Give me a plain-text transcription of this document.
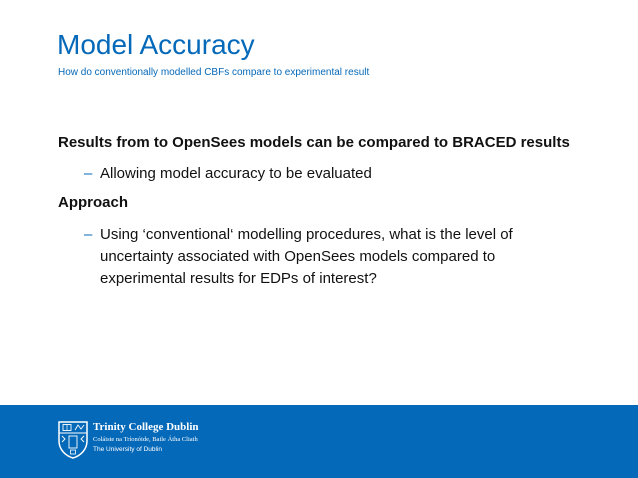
Model Accuracy
How do conventionally modelled CBFs compare to experimental result
Results from to OpenSees models can be compared to BRACED results
– Allowing model accuracy to be evaluated
Approach
– Using ‘conventional‘ modelling procedures, what is the level of uncertainty associated with OpenSees models compared to experimental results for EDPs of interest?
Trinity College Dublin
Coláiste na Tríonóide, Baile Átha Cliath
The University of Dublin
